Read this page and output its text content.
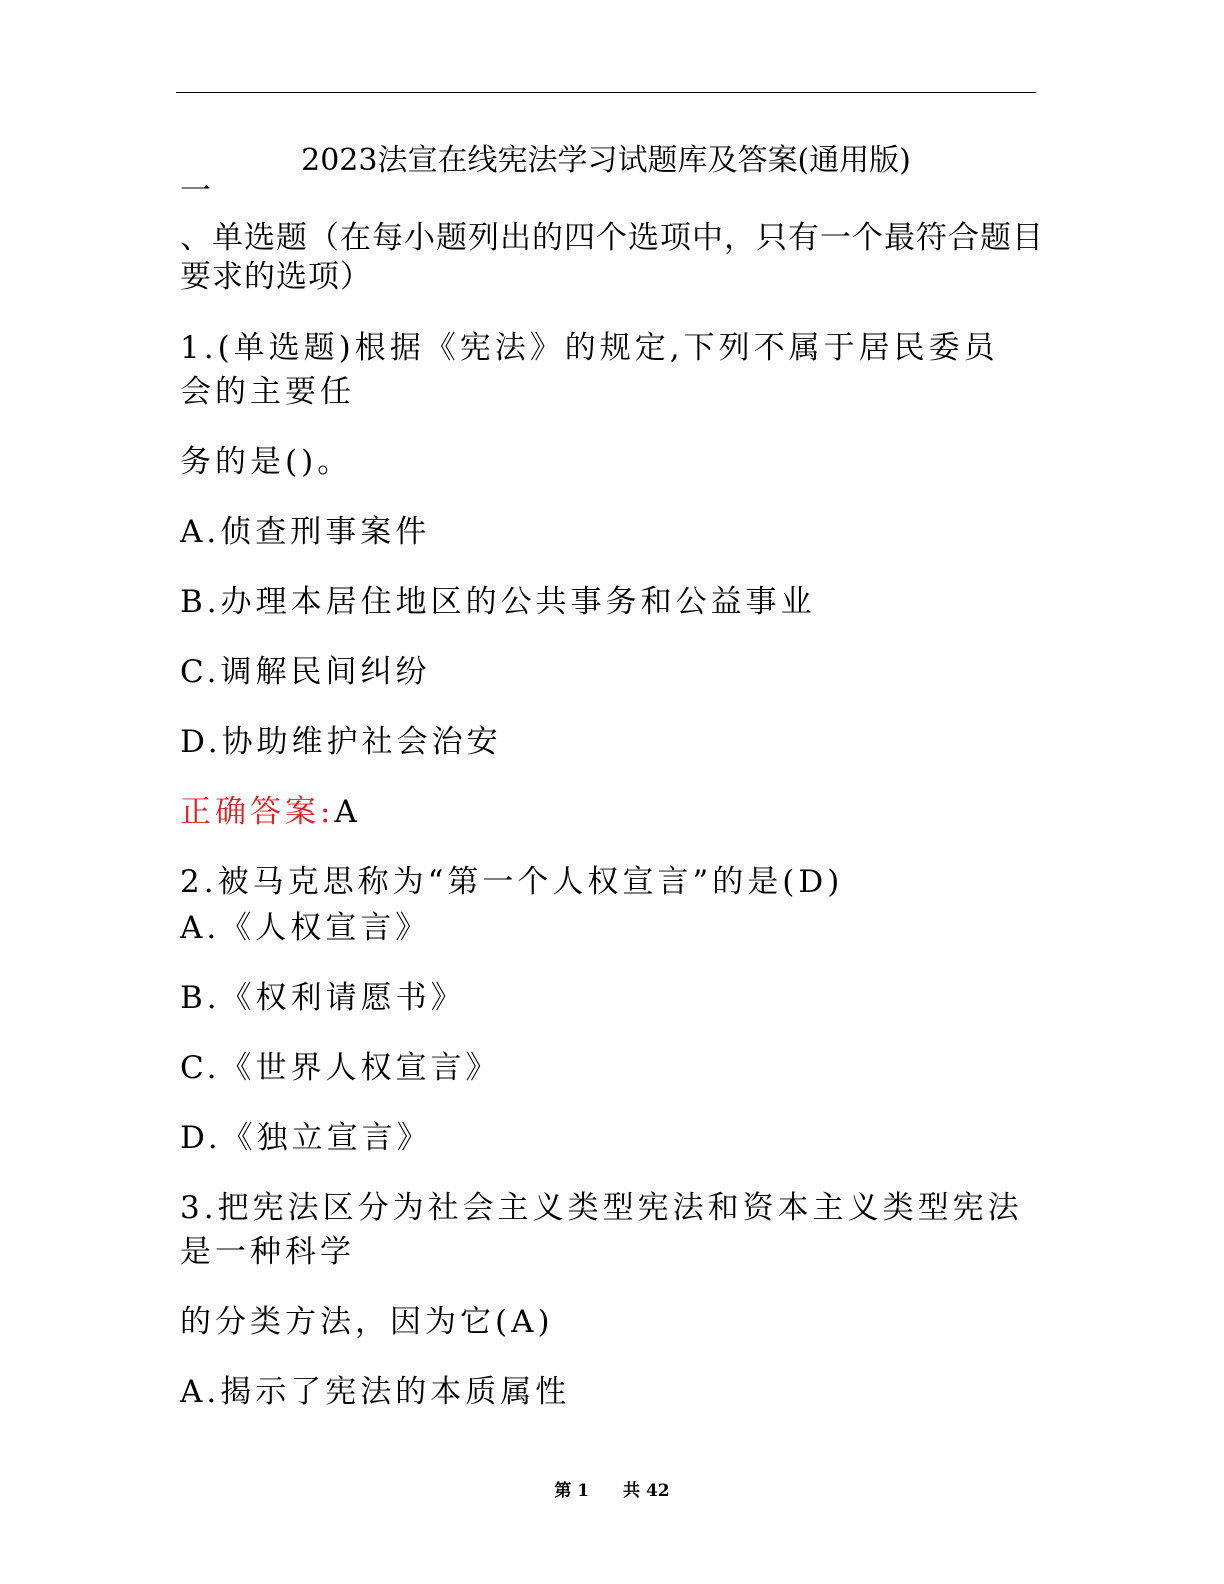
2023法宣在线宪法学习试题库及答案(通用版)
一
、单选题（在每小题列出的四个选项中，只有一个最符合题目
要求的选项）
1.(单选题)根据《宪法》的规定,下列不属于居民委员
会的主要任
务的是()。
A.侦查刑事案件
B.办理本居住地区的公共事务和公益事业
C.调解民间纠纷
D.协助维护社会治安
正确答案:A
2.被马克思称为“第一个人权宣言”的是(D)
A.《人权宣言》
B.《权利请愿书》
C.《世界人权宣言》
D.《独立宣言》
3.把宪法区分为社会主义类型宪法和资本主义类型宪法
是一种科学
的分类方法，因为它(A)
A.揭示了宪法的本质属性
第 1 共 42
